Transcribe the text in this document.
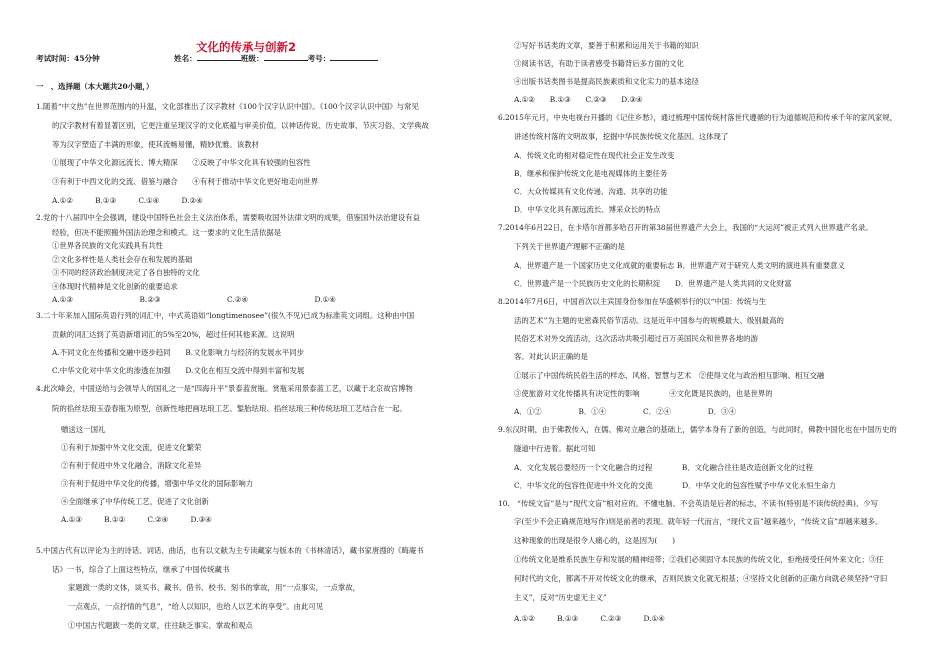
文化的传承与创新2
考试时间：45分钟	姓名：	班级：	考号：
一　、选择题（本大题共20小题，）
1.随着“中文热”在世界范围内的升温，文化部推出了汉字教材《100个汉字认识中国》。《100个汉字认识中国》与常见
的汉字教材有着显著区别，它更注重呈现汉字的文化底蕴与审美价值，以神话传说、历史故事、节庆习俗、文学典故
等为汉字塑造了丰满的形象，使其流畅易懂，精妙优雅。该教材
①展现了中华文化源远流长、博大精深　　②反映了中华文化具有较强的包容性
③有利于中西文化的交流、借鉴与融合　　④有利于推动中华文化更好地走向世界
A.①②　　　B.①③　　　C.①④　　　D.②④
2.党的十八届四中全会强调，建设中国特色社会主义法治体系，需要吸收国外法律文明的成果，借鉴国外法治建设有益
经验，但决不能照搬外国法治理念和模式。这一要求的文化生活依据是
①世界各民族的文化实践具有共性
②文化多样性是人类社会存在和发展的基础
③不同的经济政治制度决定了各自独特的文化
④体现时代精神是文化创新的重要追求
A.①③　　　　　　　　　B.②③　　　　　　　　　C.②④　　　　　　　　　D.①④
3.二十年来加入国际英语行列的词汇中，中式英语如“longtimenosee”(很久不见)已成为标准英文词组。这种由中国
贡献的词汇达到了英语新增词汇的5%至20%，超过任何其他来源。这说明
A.不同文化在传播和交融中逐步趋同　　B.文化影响力与经济的发展水平同步
C.中华文化对中华文化的渗透在加强　　D.文化在相互交流中得到丰富和发展
4.此次峰会，中国送给与会领导人的国礼之一是“四海升平”景泰蓝赏瓶。赏瓶采用景泰蓝工艺，以藏于北京故宫博物
院的掐丝珐琅玉壶春瓶为原型，创新性地把画珐琅工艺、錾胎珐琅、掐丝珐琅三种传统珐琅工艺结合在一起。
赠送这一国礼
①有利于加强中外文化交流，促进文化繁荣
②有利于促进中外文化融合，消除文化差异
③有利于促进中华文化的传播，增强中华文化的国际影响力
④全面继承了中华传统工艺，促进了文化创新
A.①③　　　B.①②　　　C.②④　　　D.③④
5.中国古代有以评论为主的诗话、词话、曲话，也有以文献为主专读藏家与版本的《书林清话》，藏书家唐搜的《晦庵书
话》一书，综合了上面这些特点，继承了中国传统藏书
家题跋一类的文体，谈买书、藏书、借书、校书、刻书的掌故，用“一点事实，一点掌故，
一点观点，一点抒情的气息”，“给人以知识，也给人以艺术的享受”。由此可见
①中国古代题跋一类的文章，往往缺乏事实、掌故和观点
②写好书话类的文章，要善于积累和运用关于书籍的知识
③阅读书话，有助于读者感受书籍背后多方面的文化
④出版书话类图书是提高民族素质和文化实力的基本途径
A.①②　　B.①③　　C.②③　　D.③④
6.2015年元月，中央电视台开播的《记住乡愁》，通过梳理中国传统村落世代遵循的行为道德规范和传承千年的家风家规，
讲述传统村落的文明故事，挖掘中华民族传统文化基因。这体现了
A．传统文化的相对稳定性在现代社会正发生改变
B．继承和保护传统文化是电视媒体的主要任务
C．大众传媒具有文化传递、沟通、共享的功能
D．中华文化具有源远流长、博采众长的特点
7.2014年6月22日，在卡塔尔首都多哈召开的第38届世界遗产大会上，我国的“大运河”被正式列入世界遗产名录。
下列关于世界遗产理解不正确的是
A．世界遗产是一个国家历史文化成就的重要标志 B．世界遗产对于研究人类文明的演进具有重要意义
C．世界遗产是一个民族历史文化的长期积淀　　D．世界遗产是人类共同的文化财富
8.2014年7月6日，中国首次以主宾国身份参加在华盛顿举行的以“中国：传统与生
活的艺术”为主题的史密森民俗节活动。这是近年中国参与的规模最大、级别最高的
民俗艺术对外交流活动，这次活动共吸引超过百万美国民众和世界各地的游
客。对此认识正确的是
①展示了中国传统民俗生活的样态、风格、智慧与艺术　②使得文化与政治相互影响、相互交融
③使旅游对文化传播具有决定性的影响　　　　④文化既是民族的，也是世界的
A．①②　　　　　B．①④　　　　　C．②④　　　　　D．③④
9.东汉时期，由于佛教传入，在儒、佛对立融合的基础上，儒学本身有了新的创造，与此同时，佛教中国化也在中国历史的
隧道中行进着。据此可知
A．文化发展总要经历一个文化融合的过程　　　　B．文化融合往往是改造创新文化的过程
C．中华文化的包容性促进中外文化的交流　　　　D．中华文化的包容性赋予中华文化永恒生命力
10.　“传统文盲”是与“现代文盲”相对应的。不懂电脑、不会英语是后者的标志，不读书(特别是不读传统经典)、少写
字(至少不会正确规范地写作)则是前者的表现。就年轻一代而言，“现代文盲”越来越少，“传统文盲”却越来越多。
这种现象的出现是很令人痛心的，这是因为(　　)
①传统文化是维系民族生存和发展的精神纽带；②我们必须固守本民族的传统文化，拒绝接受任何外来文化；③任
何时代的文化，都离不开对传统文化的继承，否则民族文化就无根基；④坚持文化创新的正确方向就必须坚持“守旧
主义”，反对“历史虚无主义”
A.①②　　　B.①③　　　C.②③　　　D.①④
